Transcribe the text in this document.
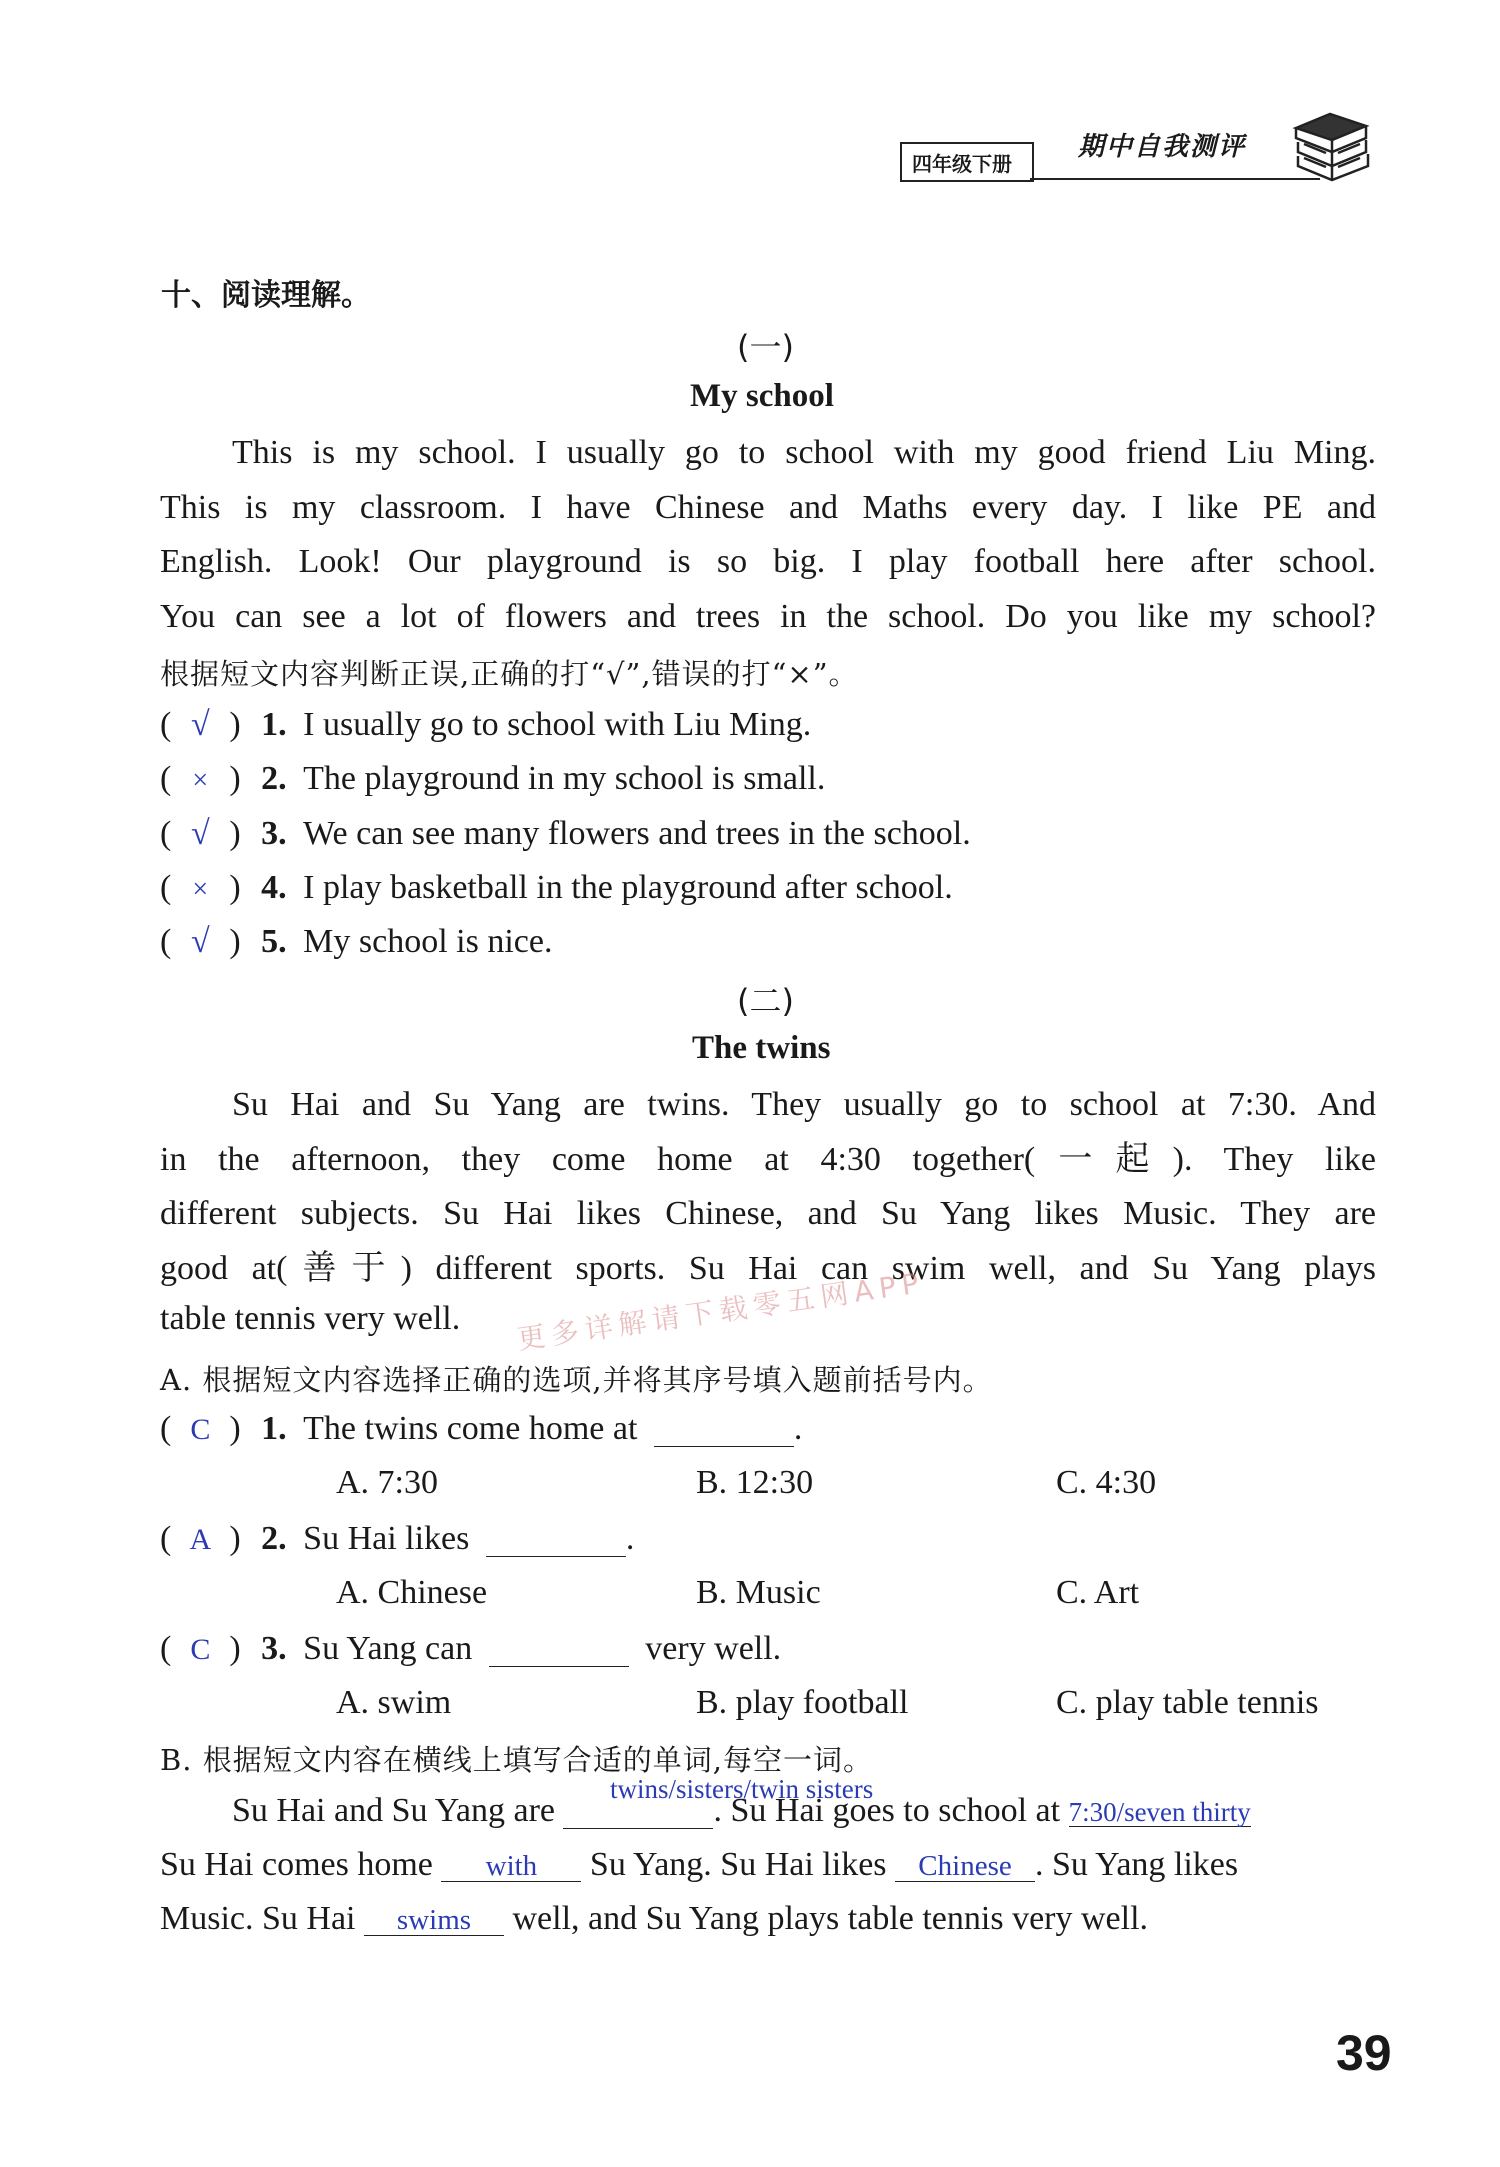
四年级下册
期中自我测评
十、阅读理解。
(一)
My school
This is my school. I usually go to school with my good friend Liu Ming.
This is my classroom. I have Chinese and Maths every day. I like PE and
English. Look! Our playground is so big. I play football here after school.
You can see a lot of flowers and trees in the school. Do you like my school?
根据短文内容判断正误,正确的打“√”,错误的打“×”。
( √ ) 1. I usually go to school with Liu Ming.
( × ) 2. The playground in my school is small.
( √ ) 3. We can see many flowers and trees in the school.
( × ) 4. I play basketball in the playground after school.
( √ ) 5. My school is nice.
(二)
The twins
Su Hai and Su Yang are twins. They usually go to school at 7:30. And
in the afternoon, they come home at 4:30 together(一起). They like
different subjects. Su Hai likes Chinese, and Su Yang likes Music. They are
good at(善于) different sports. Su Hai can swim well, and Su Yang plays
table tennis very well. 更多详解请下载零五网APP
A. 根据短文内容选择正确的选项,并将其序号填入题前括号内。
( C ) 1. The twins come home at	.
A. 7:30	B. 12:30	C. 4:30
( A ) 2. Su Hai likes	.
A. Chinese	B. Music	C. Art
( C ) 3. Su Yang can	very well.
A. swim	B. play football	C. play table tennis
B. 根据短文内容在横线上填写合适的单词,每空一词。
twins/sisters/twin sisters
Su Hai and Su Yang are	. Su Hai goes to school at 7:30/seven thirty
Su Hai comes home with Su Yang. Su Hai likes Chinese . Su Yang likes
Music. Su Hai swims well, and Su Yang plays table tennis very well.
39
